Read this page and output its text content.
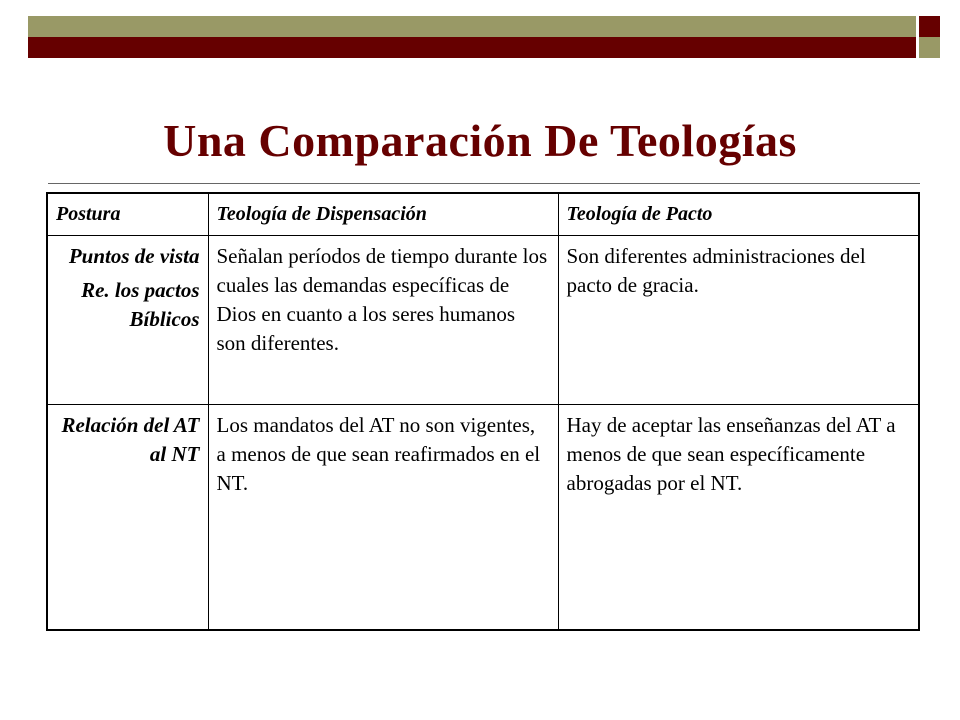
Una Comparación De Teologías
Postura	Teología de Dispensación	Teología de Pacto

Puntos de vista
Re. los pactos Bíblicos	Señalan períodos de tiempo durante los cuales las demandas específicas de Dios en cuanto a los seres humanos son diferentes.	Son diferentes administraciones del pacto de gracia.

Relación del AT al NT	Los mandatos del AT no son vigentes, a menos de que sean reafirmados en el NT.	Hay de aceptar las enseñanzas del AT a menos de que sean específicamente abrogadas por el NT.
